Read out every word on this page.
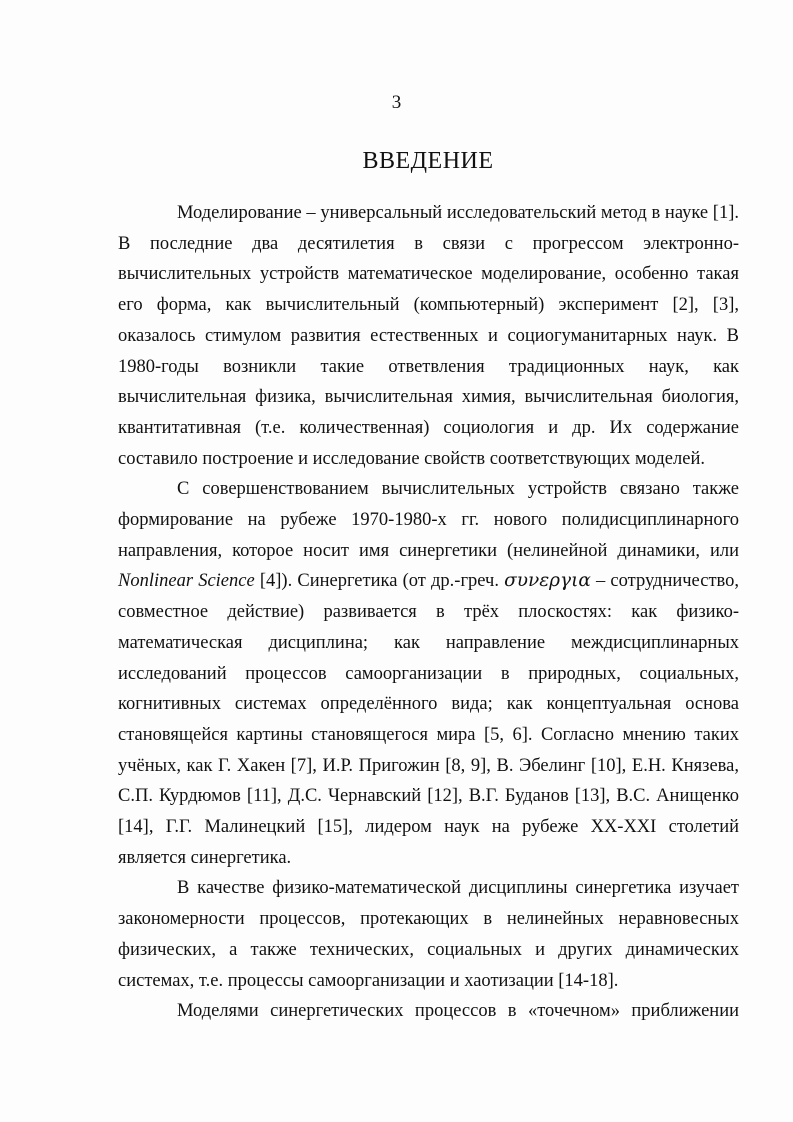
3
ВВЕДЕНИЕ

Моделирование – универсальный исследовательский метод в науке [1]. В последние два десятилетия в связи с прогрессом электронно-вычислительных устройств математическое моделирование, особенно такая его форма, как вычислительный (компьютерный) эксперимент [2], [3], оказалось стимулом развития естественных и социогуманитарных наук. В 1980-годы возникли такие ответвления традиционных наук, как вычислительная физика, вычислительная химия, вычислительная биология, квантитативная (т.е. количественная) социология и др. Их содержание составило построение и исследование свойств соответствующих моделей.

С совершенствованием вычислительных устройств связано также формирование на рубеже 1970-1980-х гг. нового полидисциплинарного направления, которое носит имя синергетики (нелинейной динамики, или Nonlinear Science [4]). Синергетика (от др.-греч. συνεργια – сотрудничество, совместное действие) развивается в трёх плоскостях: как физико-математическая дисциплина; как направление междисциплинарных исследований процессов самоорганизации в природных, социальных, когнитивных системах определённого вида; как концептуальная основа становящейся картины становящегося мира [5, 6]. Согласно мнению таких учёных, как Г. Хакен [7], И.Р. Пригожин [8, 9], В. Эбелинг [10], Е.Н. Князева, С.П. Курдюмов [11], Д.С. Чернавский [12], В.Г. Буданов [13], В.С. Анищенко [14], Г.Г. Малинецкий [15], лидером наук на рубеже XX-XXI столетий является синергетика.

В качестве физико-математической дисциплины синергетика изучает закономерности процессов, протекающих в нелинейных неравновесных физических, а также технических, социальных и других динамических системах, т.е. процессы самоорганизации и хаотизации [14-18].

Моделями синергетических процессов в «точечном» приближении
